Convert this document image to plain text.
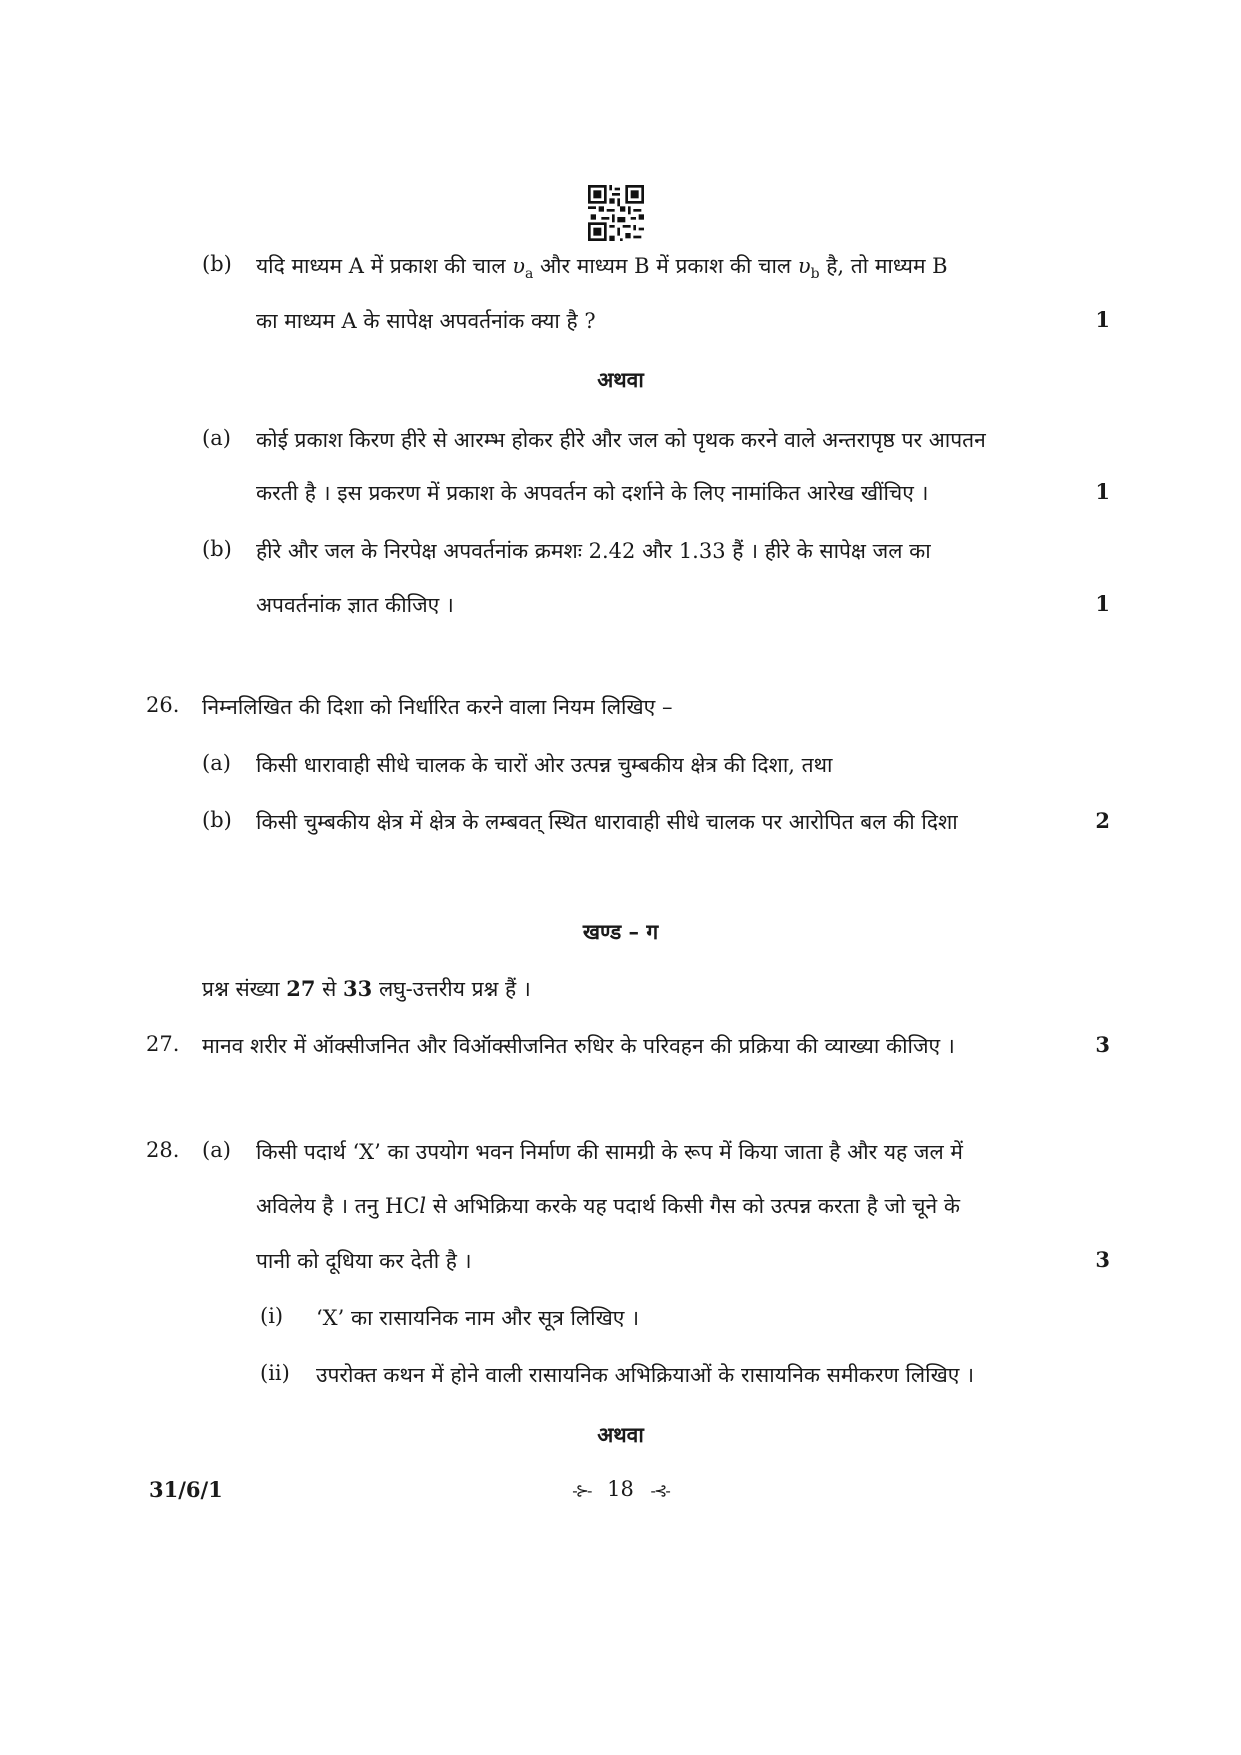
(b) यदि माध्यम A में प्रकाश की चाल $\upsilon_a$ और माध्यम B में प्रकाश की चाल $\upsilon_b$ है, तो माध्यम B
का माध्यम A के सापेक्ष अपवर्तनांक क्या है ?	1
अथवा
(a) कोई प्रकाश किरण हीरे से आरम्भ होकर हीरे और जल को पृथक करने वाले अन्तरापृष्ठ पर आपतन
करती है । इस प्रकरण में प्रकाश के अपवर्तन को दर्शाने के लिए नामांकित आरेख खींचिए ।	1
(b) हीरे और जल के निरपेक्ष अपवर्तनांक क्रमशः 2.42 और 1.33 हैं । हीरे के सापेक्ष जल का
अपवर्तनांक ज्ञात कीजिए ।	1
26. निम्नलिखित की दिशा को निर्धारित करने वाला नियम लिखिए –
(a) किसी धारावाही सीधे चालक के चारों ओर उत्पन्न चुम्बकीय क्षेत्र की दिशा, तथा
(b) किसी चुम्बकीय क्षेत्र में क्षेत्र के लम्बवत् स्थित धारावाही सीधे चालक पर आरोपित बल की दिशा	2
खण्ड – ग
प्रश्न संख्या 27 से 33 लघु-उत्तरीय प्रश्न हैं ।
27. मानव शरीर में ऑक्सीजनित और विऑक्सीजनित रुधिर के परिवहन की प्रक्रिया की व्याख्या कीजिए ।	3
28. (a) किसी पदार्थ ‘X’ का उपयोग भवन निर्माण की सामग्री के रूप में किया जाता है और यह जल में
अविलेय है । तनु HCl से अभिक्रिया करके यह पदार्थ किसी गैस को उत्पन्न करता है जो चूने के
पानी को दूधिया कर देती है ।	3
(i) ‘X’ का रासायनिक नाम और सूत्र लिखिए ।
(ii) उपरोक्त कथन में होने वाली रासायनिक अभिक्रियाओं के रासायनिक समीकरण लिखिए ।
अथवा
31/6/1	-⊱- 18 -⊰-
